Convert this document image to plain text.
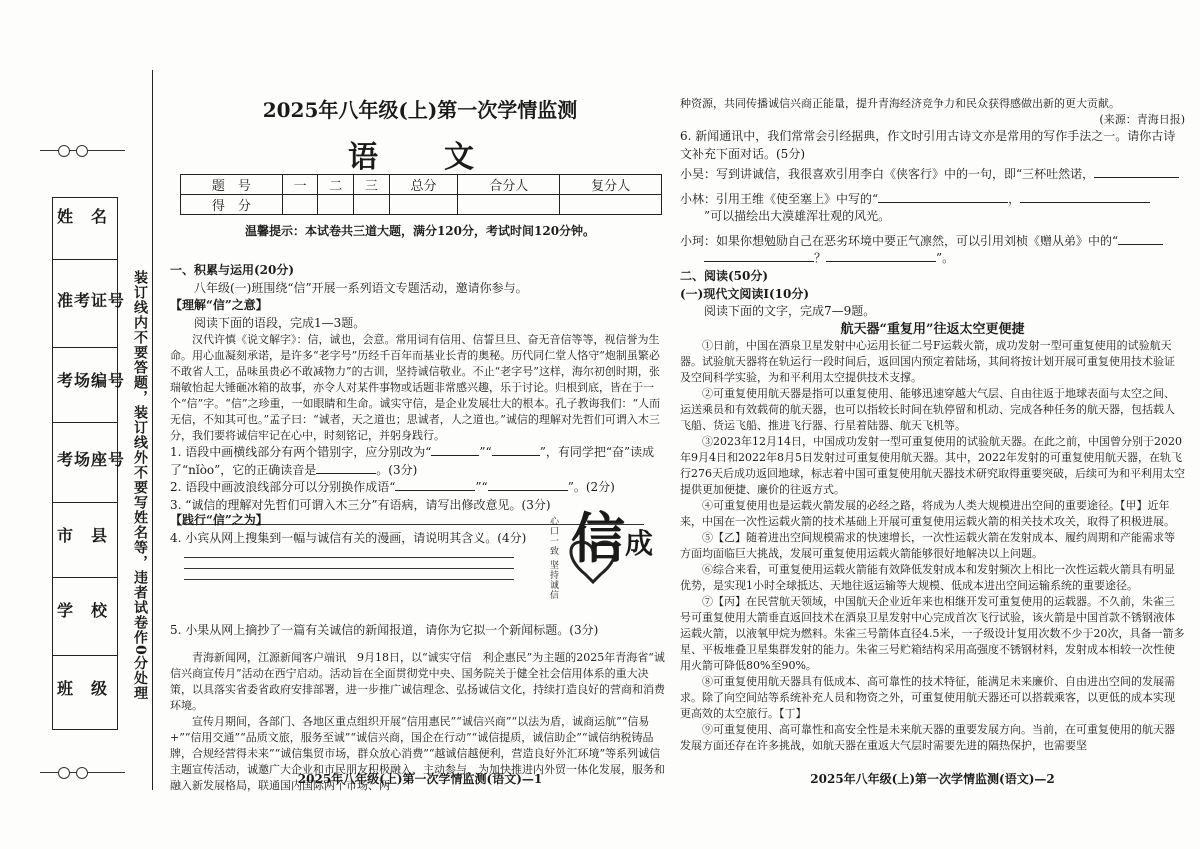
姓　名
准考证号
考场编号
考场座号
市　县
学　校
班　级 装订线内不要答题，装订线外不要写姓名等，违者试卷作0分处理
2025年八年级(上)第一次学情监测
语　文
题　号	一	二	三	总分	合分人	复分人
得　分						
温馨提示：本试卷共三道大题，满分120分，考试时间120分钟。

一、积累与运用(20分)

八年级(一)班围绕“信”开展一系列语文专题活动，邀请你参与。

【理解“信”之意】

阅读下面的语段，完成1—3题。

汉代许慎《说文解字》：信，诚也，会意。常用词有信用、信誓旦旦、奋无音信等等，视信誉为生命。用心血凝刻承诺，是许多“老字号”历经千百年而基业长青的奥秘。历代同仁堂人恪守“炮制虽繁必不敢省人工，品味虽贵必不敢减物力”的古训，坚持诚信敬业。不止“老字号”这样，海尔初创时期，张瑞敏怡起大锤砸冰箱的故事，亦令人对某件事物或话题非常感兴趣，乐于讨论。归根到底，皆在于一个“信”字。“信”之珍重，一如眼睛和生命。诚实守信，是企业发展壮大的根本。孔子教诲我们：“人而无信，不知其可也。”孟子曰：“诚者，天之道也；思诚者，人之道也。”诚信的理解对先哲们可谓入木三分，我们要将诚信牢记在心中，时刻铭记，并躬身践行。

1. 语段中画横线部分有两个错别字，应分别改为“	”“	”，有同学把“奋”读成了“nǐòo”，它的正确读音是	。(3分)

2. 语段中画波浪线部分可以分别换作成语“	”“	”。(2分)

3. “诚信的理解对先哲们可谓入木三分”有语病，请写出修改意见。(3分)

【践行“信”之为】

4. 小宾从网上搜集到一幅与诚信有关的漫画，请说明其含义。(4分)	心口一致 坚持诚信 信 成

5. 小果从网上摘抄了一篇有关诚信的新闻报道，请你为它拟一个新闻标题。(3分)

青海新闻网，江源新闻客户端讯　9月18日，以“诚实守信　利企惠民”为主题的2025年青海省“诚信兴商宣传月”活动在西宁启动。活动旨在全面贯彻党中央、国务院关于健全社会信用体系的重大决策，以具落实省委省政府安排部署，进一步推广诚信理念、弘扬诚信文化，持续打造良好的营商和消费环境。

宣传月期间，各部门、各地区重点组织开展“信用惠民”“诚信兴商”“以法为盾，诚商运航”“信易+”“信用交通”“品质文旅，服务至诚”“诚信兴商，国企在行动”“诚信提质，诚信助企”“诚信纳税铸品牌，合规经营得未来”“诚信集贸市场，群众放心消费”“越诚信越便利，营造良好外汇环境”等系列诚信主题宣传活动，诚邀广大企业和市民朋友积极融入、主动参与，为加快推进内外贸一体化发展，服务和融入新发展格局，联通国内国际两个市场、两

2025年八年级(上)第一次学情监测(语文)—1

种资源，共同传播诚信兴商正能量，提升青海经济竞争力和民众获得感做出新的更大贡献。

(来源：青海日报)

6. 新闻通讯中，我们常常会引经据典，作文时引用古诗文亦是常用的写作手法之一。请你古诗文补充下面对话。(5分)

小昊：写到讲诚信，我很喜欢引用李白《侠客行》中的一句，即“三杯吐然诺，

小林：引用王维《使至塞上》中写的“	，

”可以描绘出大漠雄浑壮观的风光。

小珂：如果你想勉励自己在恶劣环境中要正气凛然，可以引用刘桢《赠从弟》中的“

？	”。

二、阅读(50分)

(一)现代文阅读Ⅰ(10分)

阅读下面的文字，完成7—9题。

航天器“重复用”往返太空更便捷

①日前，中国在酒泉卫星发射中心运用长征二号F运载火箭，成功发射一型可重复使用的试验航天器。试验航天器将在轨运行一段时间后，返回国内预定着陆场，其间将按计划开展可重复使用技术验证及空间科学实验，为和平利用太空提供技术支撑。

②可重复使用航天器是指可以重复使用、能够迅速穿越大气层、自由往返于地球表面与太空之间、运送乘员和有效载荷的航天器，也可以指较长时间在轨停留和机动、完成各种任务的航天器，包括载人飞船、货运飞船、推进飞行器、行星着陆器、航天飞机等。

③2023年12月14日，中国成功发射一型可重复使用的试验航天器。在此之前，中国曾分别于2020年9月4日和2022年8月5日发射过可重复使用航天器。其中，2022年发射的可重复使用航天器，在轨飞行276天后成功返回地球，标志着中国可重复使用航天器技术研究取得重要突破，后续可为和平利用太空提供更加便捷、廉价的往返方式。

④可重复使用也是运载火箭发展的必经之路，将成为人类大规模进出空间的重要途径。【甲】近年来，中国在一次性运载火箭的技术基础上开展可重复使用运载火箭的相关技术攻关，取得了积极进展。

⑤【乙】随着进出空间规模需求的快速增长，一次性运载火箭在发射成本、履约周期和产能需求等方面均面临巨大挑战，发展可重复使用运载火箭能够很好地解决以上问题。

⑥综合来看，可重复使用运载火箭能有效降低发射成本和发射频次上相比一次性运载火箭具有明显优势，是实现1小时全球抵达、天地往返运输等大规模、低成本进出空间运输系统的重要途径。

⑦【丙】在民营航天领域，中国航天企业近年来也相继开发可重复使用的运载器。不久前，朱雀三号可重复使用大箭垂直返回技术在酒泉卫星发射中心完成首次飞行试验，该火箭是中国首款不锈钢液体运载火箭，以液氧甲烷为燃料。朱雀三号箭体直径4.5米，一子级设计复用次数不少于20次，具备一箭多星、平板堆叠卫星集群发射的能力。朱雀三号贮箱结构采用高强度不锈钢材料，发射成本相较一次性使用火箭可降低80%至90%。

⑧可重复使用航天器具有低成本、高可靠性的技术特征，能满足未来廉价、自由进出空间的发展需求。除了向空间站等系统补充人员和物资之外，可重复使用航天器还可以搭载乘客，以更低的成本实现更高效的太空旅行。【丁】

⑨可重复使用、高可靠性和高安全性是未来航天器的重要发展方向。当前，在可重复使用的航天器发展方面还存在许多挑战，如航天器在重返大气层时需要先进的隔热保护，也需要坚

2025年八年级(上)第一次学情监测(语文)—2
